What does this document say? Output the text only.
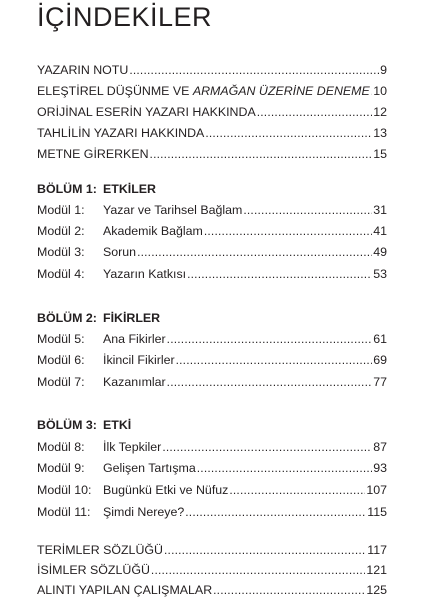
İÇİNDEKİLER
YAZARIN NOTU .....	9
ELEŞTİREL DÜŞÜNME VE ARMAĞAN ÜZERİNE DENEME ..... 10
ORİJİNAL ESERİN YAZARI HAKKINDA .....	12
TAHLİLİN YAZARI HAKKINDA .....	13
METNE GİRERKEN .....	15
BÖLÜM 1: ETKİLER
Modül 1:	Yazar ve Tarihsel Bağlam .....	31
Modül 2:	Akademik Bağlam .....	41
Modül 3:	Sorun .....	49
Modül 4:	Yazarın Katkısı .....	53
BÖLÜM 2: FİKİRLER
Modül 5:	Ana Fikirler .....	61
Modül 6:	İkincil Fikirler .....	69
Modül 7:	Kazanımlar .....	77
BÖLÜM 3: ETKİ
Modül 8:	İlk Tepkiler .....	87
Modül 9:	Gelişen Tartışma .....	93
Modül 10: Bugünkü Etki ve Nüfuz .....	107
Modül 11:	Şimdi Nereye? .....	115
TERİMLER SÖZLÜĞÜ .....	117
İSİMLER SÖZLÜĞÜ .....	121
ALINTI YAPILAN ÇALIŞMALAR .....	125
